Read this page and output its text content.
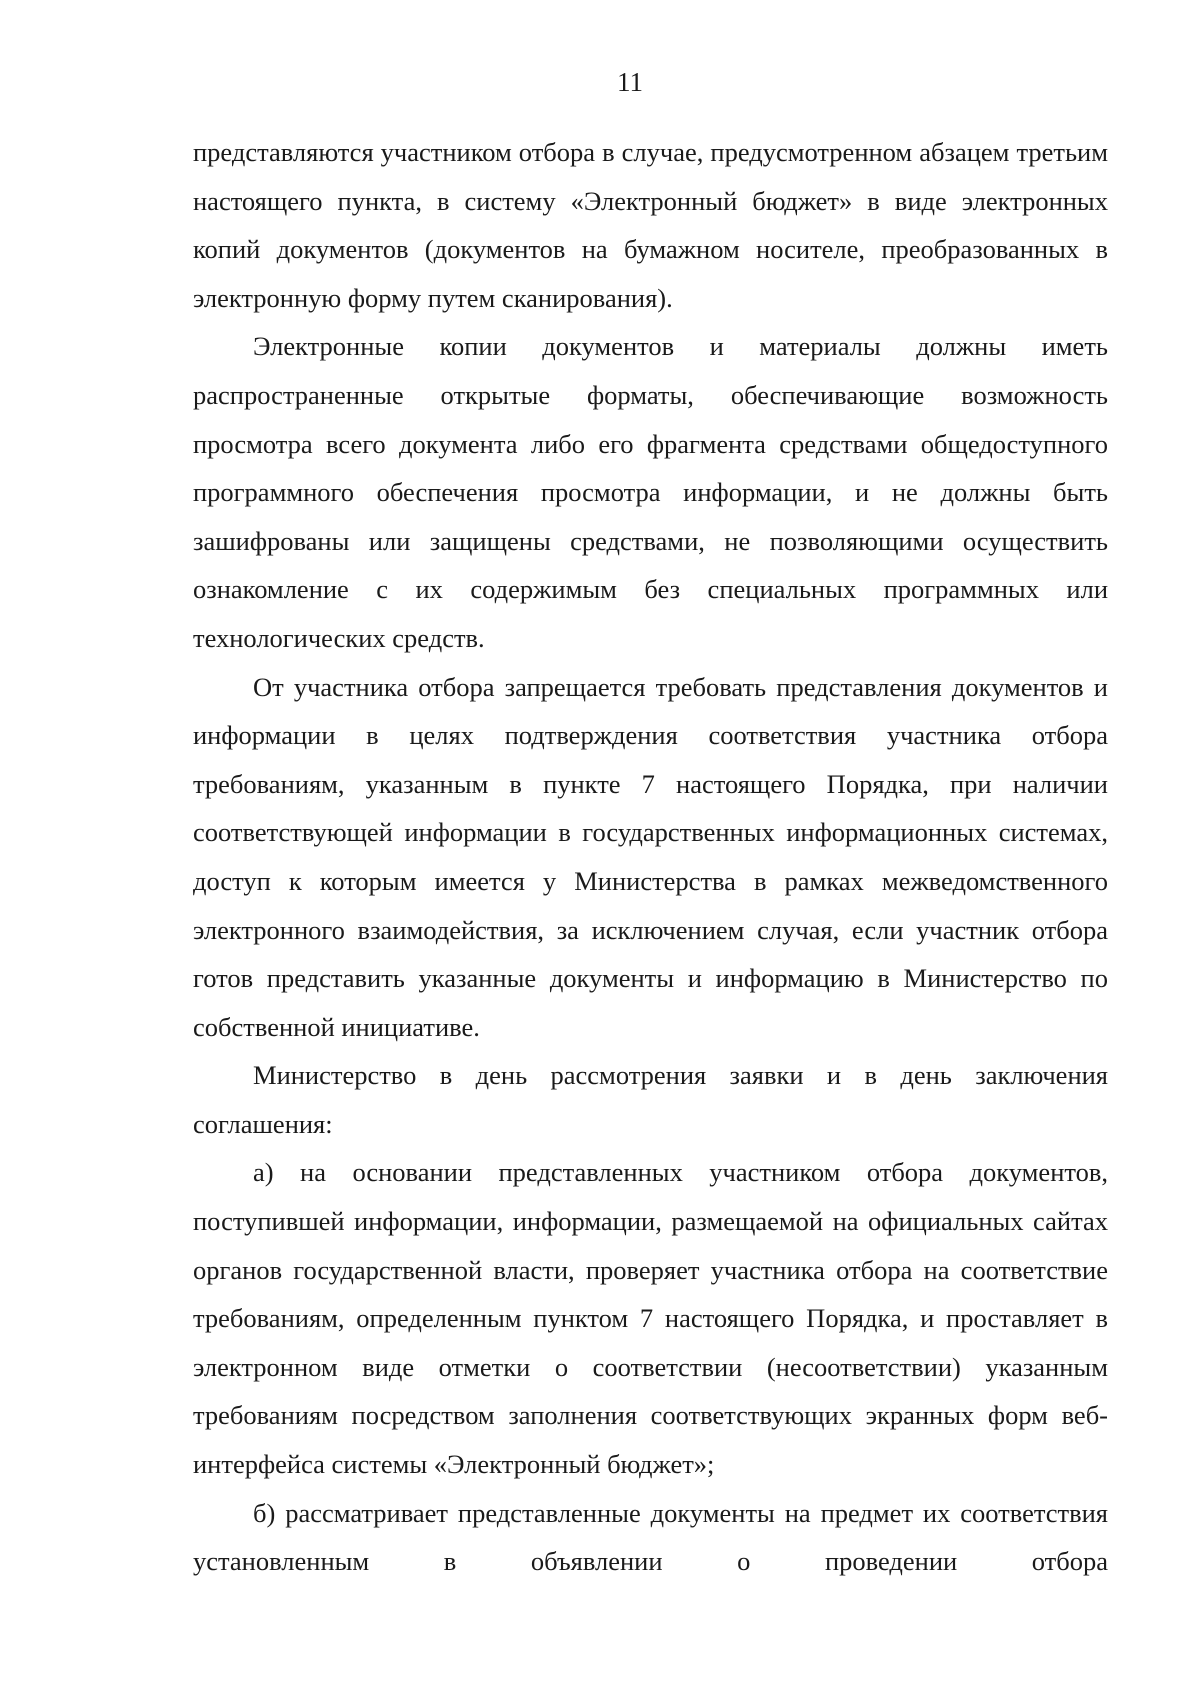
11

представляются участником отбора в случае, предусмотренном абзацем третьим настоящего пункта, в систему «Электронный бюджет» в виде электронных копий документов (документов на бумажном носителе, преобразованных в электронную форму путем сканирования).

Электронные копии документов и материалы должны иметь распространенные открытые форматы, обеспечивающие возможность просмотра всего документа либо его фрагмента средствами общедоступного программного обеспечения просмотра информации, и не должны быть зашифрованы или защищены средствами, не позволяющими осуществить ознакомление с их содержимым без специальных программных или технологических средств.

От участника отбора запрещается требовать представления документов и информации в целях подтверждения соответствия участника отбора требованиям, указанным в пункте 7 настоящего Порядка, при наличии соответствующей информации в государственных информационных системах, доступ к которым имеется у Министерства в рамках межведомственного электронного взаимодействия, за исключением случая, если участник отбора готов представить указанные документы и информацию в Министерство по собственной инициативе.

Министерство в день рассмотрения заявки и в день заключения соглашения:

а) на основании представленных участником отбора документов, поступившей информации, информации, размещаемой на официальных сайтах органов государственной власти, проверяет участника отбора на соответствие требованиям, определенным пунктом 7 настоящего Порядка, и проставляет в электронном виде отметки о соответствии (несоответствии) указанным требованиям посредством заполнения соответствующих экранных форм веб-интерфейса системы «Электронный бюджет»;

б) рассматривает представленные документы на предмет их соответствия установленным в объявлении о проведении отбора
